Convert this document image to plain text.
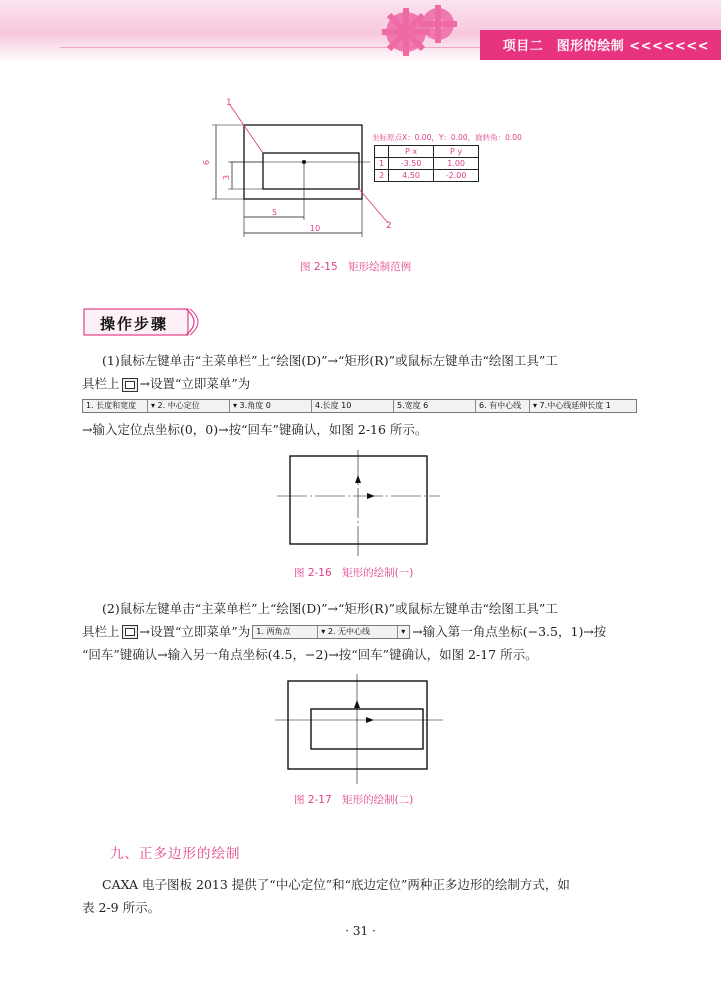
项目二　图形的绘制 <<<<<<<
1
2
6
3
5
10
坐标原点X：0.00，Y：0.00，旋转角：0.00
	P x	P y
1	-3.50	1.00
2	4.50	-2.00
图 2-15　矩形绘制范例
操作步骤
(1)鼠标左键单击“主菜单栏”上“绘图(D)”→“矩形(R)”或鼠标左键单击“绘图工具”工
具栏上 →设置“立即菜单”为
1. 长度和宽度	▾ 2. 中心定位	▾ 3.角度 0	4.长度 10	5.宽度 6	6. 有中心线	▾ 7.中心线延伸长度 1
→输入定位点坐标(0，0)→按“回车”键确认，如图 2-16 所示。
图 2-16　矩形的绘制(一)
(2)鼠标左键单击“主菜单栏”上“绘图(D)”→“矩形(R)”或鼠标左键单击“绘图工具”工
具栏上 →设置“立即菜单”为 1. 两角点	▾ 2. 无中心线	▾ →输入第一角点坐标(−3.5，1)→按
“回车”键确认→输入另一角点坐标(4.5，−2)→按“回车”键确认，如图 2-17 所示。
图 2-17　矩形的绘制(二)
九、正多边形的绘制
CAXA 电子图板 2013 提供了“中心定位”和“底边定位”两种正多边形的绘制方式，如
表 2-9 所示。
· 31 ·
